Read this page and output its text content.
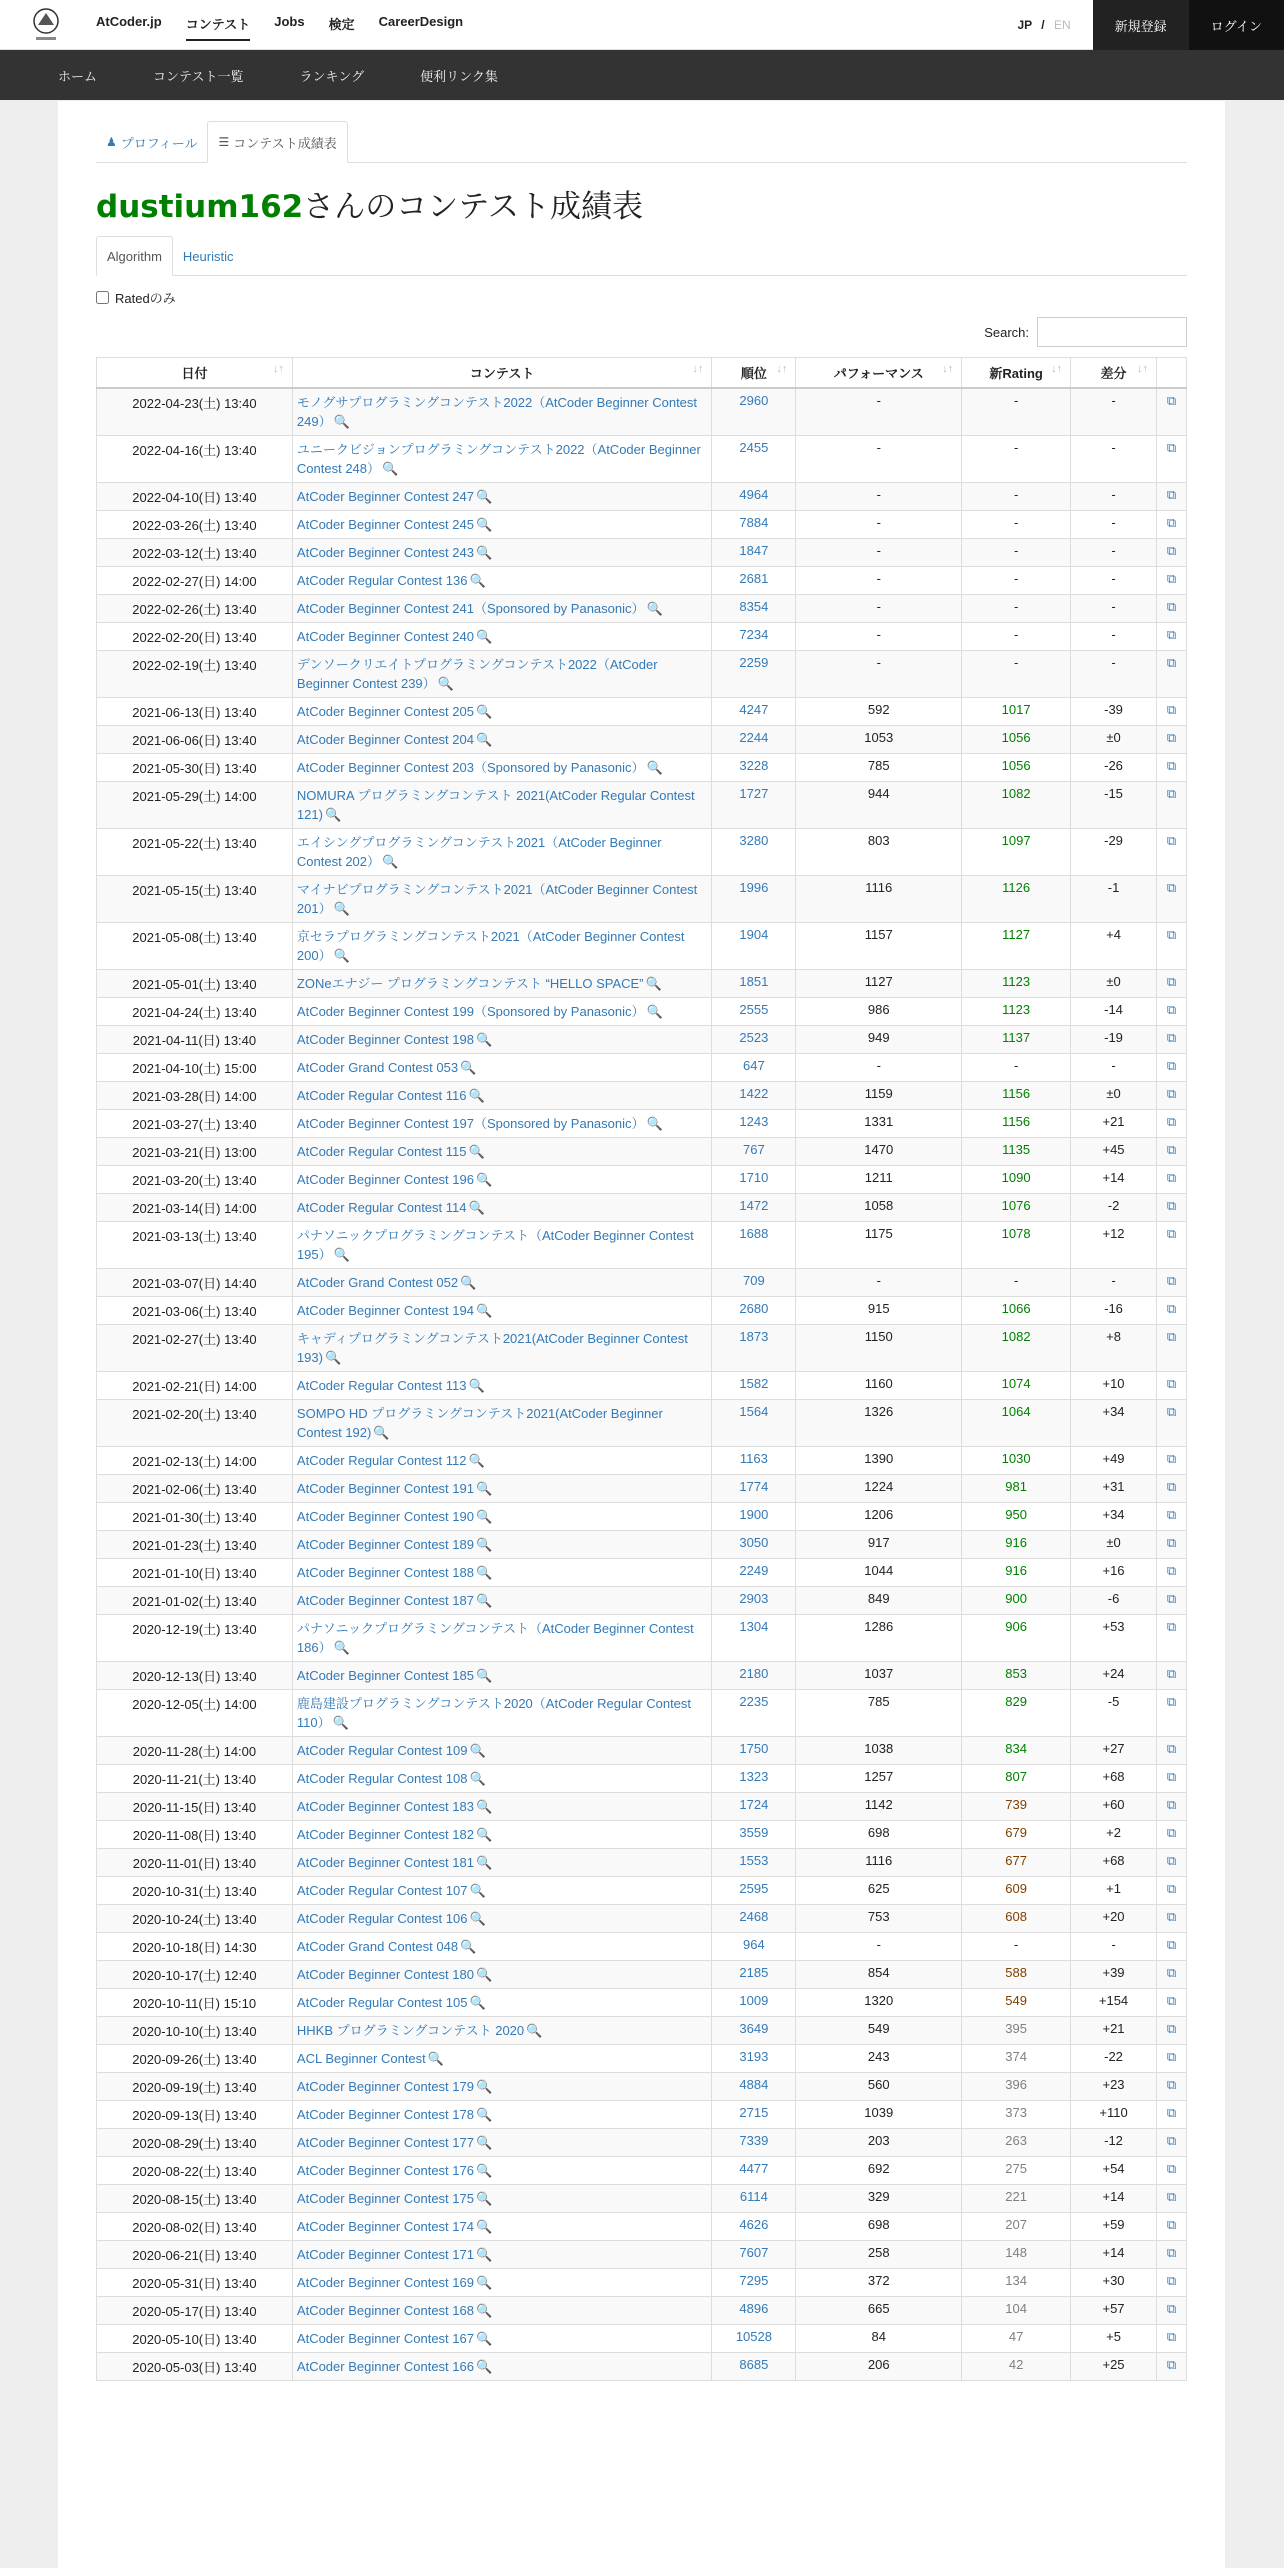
AtCoder.jp コンテスト Jobs 検定 CareerDesign	JP / EN	新規登録	ログイン
ホーム	コンテスト一覧	ランキング	便利リンク集
♟ プロフィール ☰ コンテスト成績表
dustium162さんのコンテスト成績表
Algorithm	Heuristic
Ratedのみ
Search:
日付 ↓↑	コンテスト ↓↑	順位 ↓↑	パフォーマンス ↓↑	新Rating ↓↑	差分 ↓↑	

2022-04-23(土) 13:40	モノグサプログラミングコンテスト2022（AtCoder Beginner Contest 249） 🔍	2960	-	-	-	⧉
2022-04-16(土) 13:40	ユニークビジョンプログラミングコンテスト2022（AtCoder Beginner Contest 248） 🔍	2455	-	-	-	⧉
2022-04-10(日) 13:40	AtCoder Beginner Contest 247 🔍	4964	-	-	-	⧉
2022-03-26(土) 13:40	AtCoder Beginner Contest 245 🔍	7884	-	-	-	⧉
2022-03-12(土) 13:40	AtCoder Beginner Contest 243 🔍	1847	-	-	-	⧉
2022-02-27(日) 14:00	AtCoder Regular Contest 136 🔍	2681	-	-	-	⧉
2022-02-26(土) 13:40	AtCoder Beginner Contest 241（Sponsored by Panasonic） 🔍	8354	-	-	-	⧉
2022-02-20(日) 13:40	AtCoder Beginner Contest 240 🔍	7234	-	-	-	⧉
2022-02-19(土) 13:40	デンソークリエイトプログラミングコンテスト2022（AtCoder Beginner Contest 239） 🔍	2259	-	-	-	⧉
2021-06-13(日) 13:40	AtCoder Beginner Contest 205 🔍	4247	592	1017	-39	⧉
2021-06-06(日) 13:40	AtCoder Beginner Contest 204 🔍	2244	1053	1056	±0	⧉
2021-05-30(日) 13:40	AtCoder Beginner Contest 203（Sponsored by Panasonic） 🔍	3228	785	1056	-26	⧉
2021-05-29(土) 14:00	NOMURA プログラミングコンテスト 2021(AtCoder Regular Contest 121) 🔍	1727	944	1082	-15	⧉
2021-05-22(土) 13:40	エイシングプログラミングコンテスト2021（AtCoder Beginner Contest 202） 🔍	3280	803	1097	-29	⧉
2021-05-15(土) 13:40	マイナビプログラミングコンテスト2021（AtCoder Beginner Contest 201） 🔍	1996	1116	1126	-1	⧉
2021-05-08(土) 13:40	京セラプログラミングコンテスト2021（AtCoder Beginner Contest 200） 🔍	1904	1157	1127	+4	⧉
2021-05-01(土) 13:40	ZONeエナジー プログラミングコンテスト “HELLO SPACE” 🔍	1851	1127	1123	±0	⧉
2021-04-24(土) 13:40	AtCoder Beginner Contest 199（Sponsored by Panasonic） 🔍	2555	986	1123	-14	⧉
2021-04-11(日) 13:40	AtCoder Beginner Contest 198 🔍	2523	949	1137	-19	⧉
2021-04-10(土) 15:00	AtCoder Grand Contest 053 🔍	647	-	-	-	⧉
2021-03-28(日) 14:00	AtCoder Regular Contest 116 🔍	1422	1159	1156	±0	⧉
2021-03-27(土) 13:40	AtCoder Beginner Contest 197（Sponsored by Panasonic） 🔍	1243	1331	1156	+21	⧉
2021-03-21(日) 13:00	AtCoder Regular Contest 115 🔍	767	1470	1135	+45	⧉
2021-03-20(土) 13:40	AtCoder Beginner Contest 196 🔍	1710	1211	1090	+14	⧉
2021-03-14(日) 14:00	AtCoder Regular Contest 114 🔍	1472	1058	1076	-2	⧉
2021-03-13(土) 13:40	パナソニックプログラミングコンテスト（AtCoder Beginner Contest 195） 🔍	1688	1175	1078	+12	⧉
2021-03-07(日) 14:40	AtCoder Grand Contest 052 🔍	709	-	-	-	⧉
2021-03-06(土) 13:40	AtCoder Beginner Contest 194 🔍	2680	915	1066	-16	⧉
2021-02-27(土) 13:40	キャディプログラミングコンテスト2021(AtCoder Beginner Contest 193) 🔍	1873	1150	1082	+8	⧉
2021-02-21(日) 14:00	AtCoder Regular Contest 113 🔍	1582	1160	1074	+10	⧉
2021-02-20(土) 13:40	SOMPO HD プログラミングコンテスト2021(AtCoder Beginner Contest 192) 🔍	1564	1326	1064	+34	⧉
2021-02-13(土) 14:00	AtCoder Regular Contest 112 🔍	1163	1390	1030	+49	⧉
2021-02-06(土) 13:40	AtCoder Beginner Contest 191 🔍	1774	1224	981	+31	⧉
2021-01-30(土) 13:40	AtCoder Beginner Contest 190 🔍	1900	1206	950	+34	⧉
2021-01-23(土) 13:40	AtCoder Beginner Contest 189 🔍	3050	917	916	±0	⧉
2021-01-10(日) 13:40	AtCoder Beginner Contest 188 🔍	2249	1044	916	+16	⧉
2021-01-02(土) 13:40	AtCoder Beginner Contest 187 🔍	2903	849	900	-6	⧉
2020-12-19(土) 13:40	パナソニックプログラミングコンテスト（AtCoder Beginner Contest 186） 🔍	1304	1286	906	+53	⧉
2020-12-13(日) 13:40	AtCoder Beginner Contest 185 🔍	2180	1037	853	+24	⧉
2020-12-05(土) 14:00	鹿島建設プログラミングコンテスト2020（AtCoder Regular Contest 110） 🔍	2235	785	829	-5	⧉
2020-11-28(土) 14:00	AtCoder Regular Contest 109 🔍	1750	1038	834	+27	⧉
2020-11-21(土) 13:40	AtCoder Regular Contest 108 🔍	1323	1257	807	+68	⧉
2020-11-15(日) 13:40	AtCoder Beginner Contest 183 🔍	1724	1142	739	+60	⧉
2020-11-08(日) 13:40	AtCoder Beginner Contest 182 🔍	3559	698	679	+2	⧉
2020-11-01(日) 13:40	AtCoder Beginner Contest 181 🔍	1553	1116	677	+68	⧉
2020-10-31(土) 13:40	AtCoder Regular Contest 107 🔍	2595	625	609	+1	⧉
2020-10-24(土) 13:40	AtCoder Regular Contest 106 🔍	2468	753	608	+20	⧉
2020-10-18(日) 14:30	AtCoder Grand Contest 048 🔍	964	-	-	-	⧉
2020-10-17(土) 12:40	AtCoder Beginner Contest 180 🔍	2185	854	588	+39	⧉
2020-10-11(日) 15:10	AtCoder Regular Contest 105 🔍	1009	1320	549	+154	⧉
2020-10-10(土) 13:40	HHKB プログラミングコンテスト 2020 🔍	3649	549	395	+21	⧉
2020-09-26(土) 13:40	ACL Beginner Contest 🔍	3193	243	374	-22	⧉
2020-09-19(土) 13:40	AtCoder Beginner Contest 179 🔍	4884	560	396	+23	⧉
2020-09-13(日) 13:40	AtCoder Beginner Contest 178 🔍	2715	1039	373	+110	⧉
2020-08-29(土) 13:40	AtCoder Beginner Contest 177 🔍	7339	203	263	-12	⧉
2020-08-22(土) 13:40	AtCoder Beginner Contest 176 🔍	4477	692	275	+54	⧉
2020-08-15(土) 13:40	AtCoder Beginner Contest 175 🔍	6114	329	221	+14	⧉
2020-08-02(日) 13:40	AtCoder Beginner Contest 174 🔍	4626	698	207	+59	⧉
2020-06-21(日) 13:40	AtCoder Beginner Contest 171 🔍	7607	258	148	+14	⧉
2020-05-31(日) 13:40	AtCoder Beginner Contest 169 🔍	7295	372	134	+30	⧉
2020-05-17(日) 13:40	AtCoder Beginner Contest 168 🔍	4896	665	104	+57	⧉
2020-05-10(日) 13:40	AtCoder Beginner Contest 167 🔍	10528	84	47	+5	⧉
2020-05-03(日) 13:40	AtCoder Beginner Contest 166 🔍	8685	206	42	+25	⧉
